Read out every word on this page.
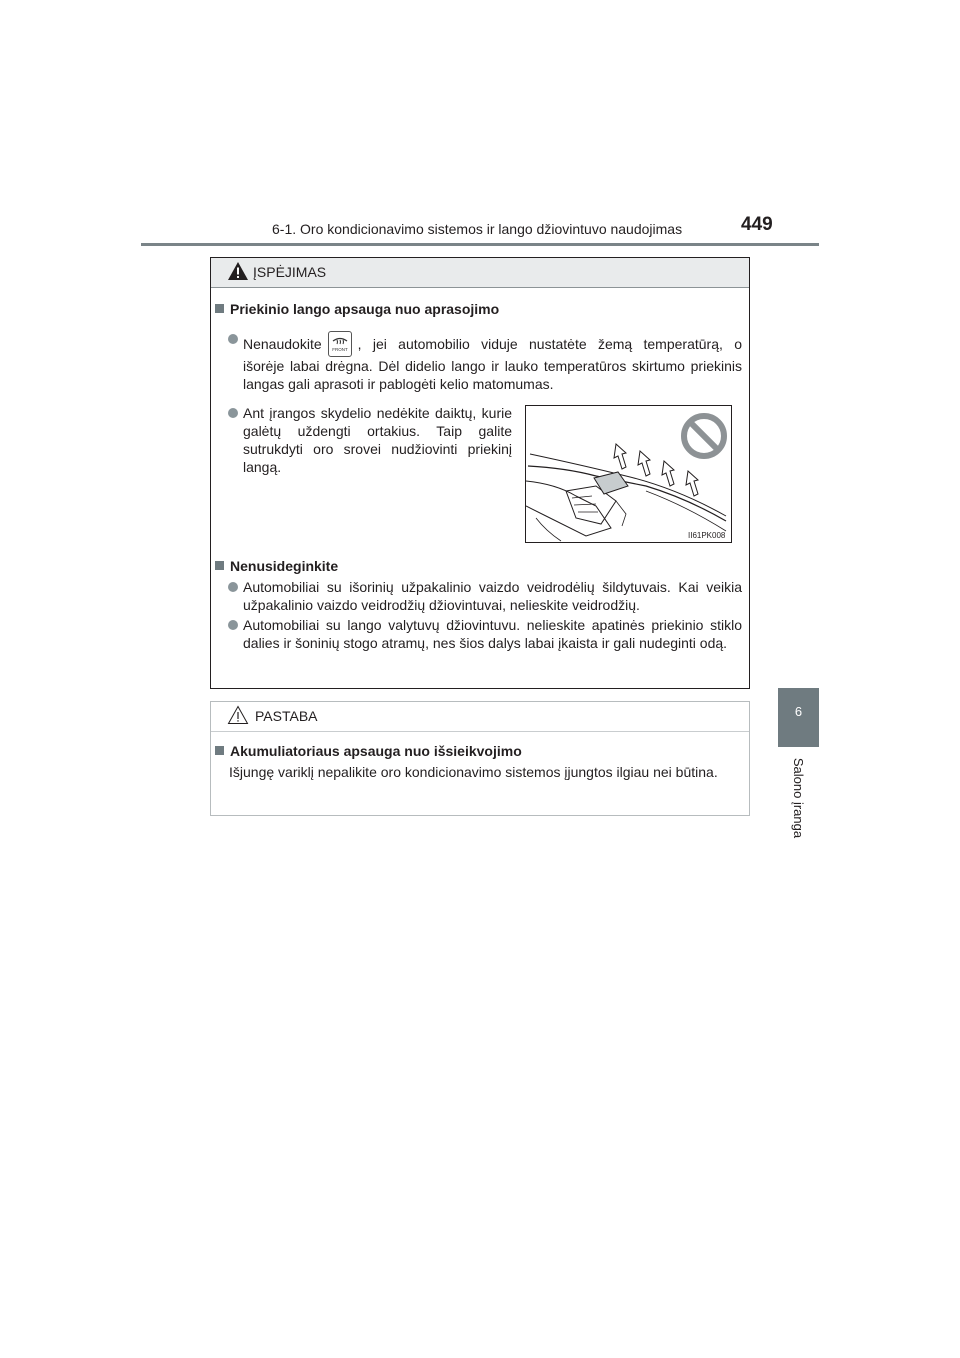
6-1. Oro kondicionavimo sistemos ir lango džiovintuvo naudojimas	449
6
Salono įranga
ĮSPĖJIMAS
Priekinio lango apsauga nuo aprasojimo
Nenaudokite FRONT , jei automobilio viduje nustatėte žemą temperatūrą, o
išorėje labai drėgna. Dėl didelio lango ir lauko temperatūros skirtumo priekinis langas gali aprasoti ir pablogėti kelio matomumas.
Ant įrangos skydelio nedėkite daiktų, kurie galėtų uždengti ortakius. Taip galite sutrukdyti oro srovei nudžiovinti priekinį langą.
II61PK008
Nenusideginkite
Automobiliai su išorinių užpakalinio vaizdo veidrodėlių šildytuvais. Kai veikia užpakalinio vaizdo veidrodžių džiovintuvai, nelieskite veidrodžių.
Automobiliai su lango valytuvų džiovintuvu. nelieskite apatinės priekinio stiklo dalies ir šoninių stogo atramų, nes šios dalys labai įkaista ir gali nudeginti odą.
PASTABA
Akumuliatoriaus apsauga nuo išsieikvojimo
Išjungę variklį nepalikite oro kondicionavimo sistemos įjungtos ilgiau nei būtina.
